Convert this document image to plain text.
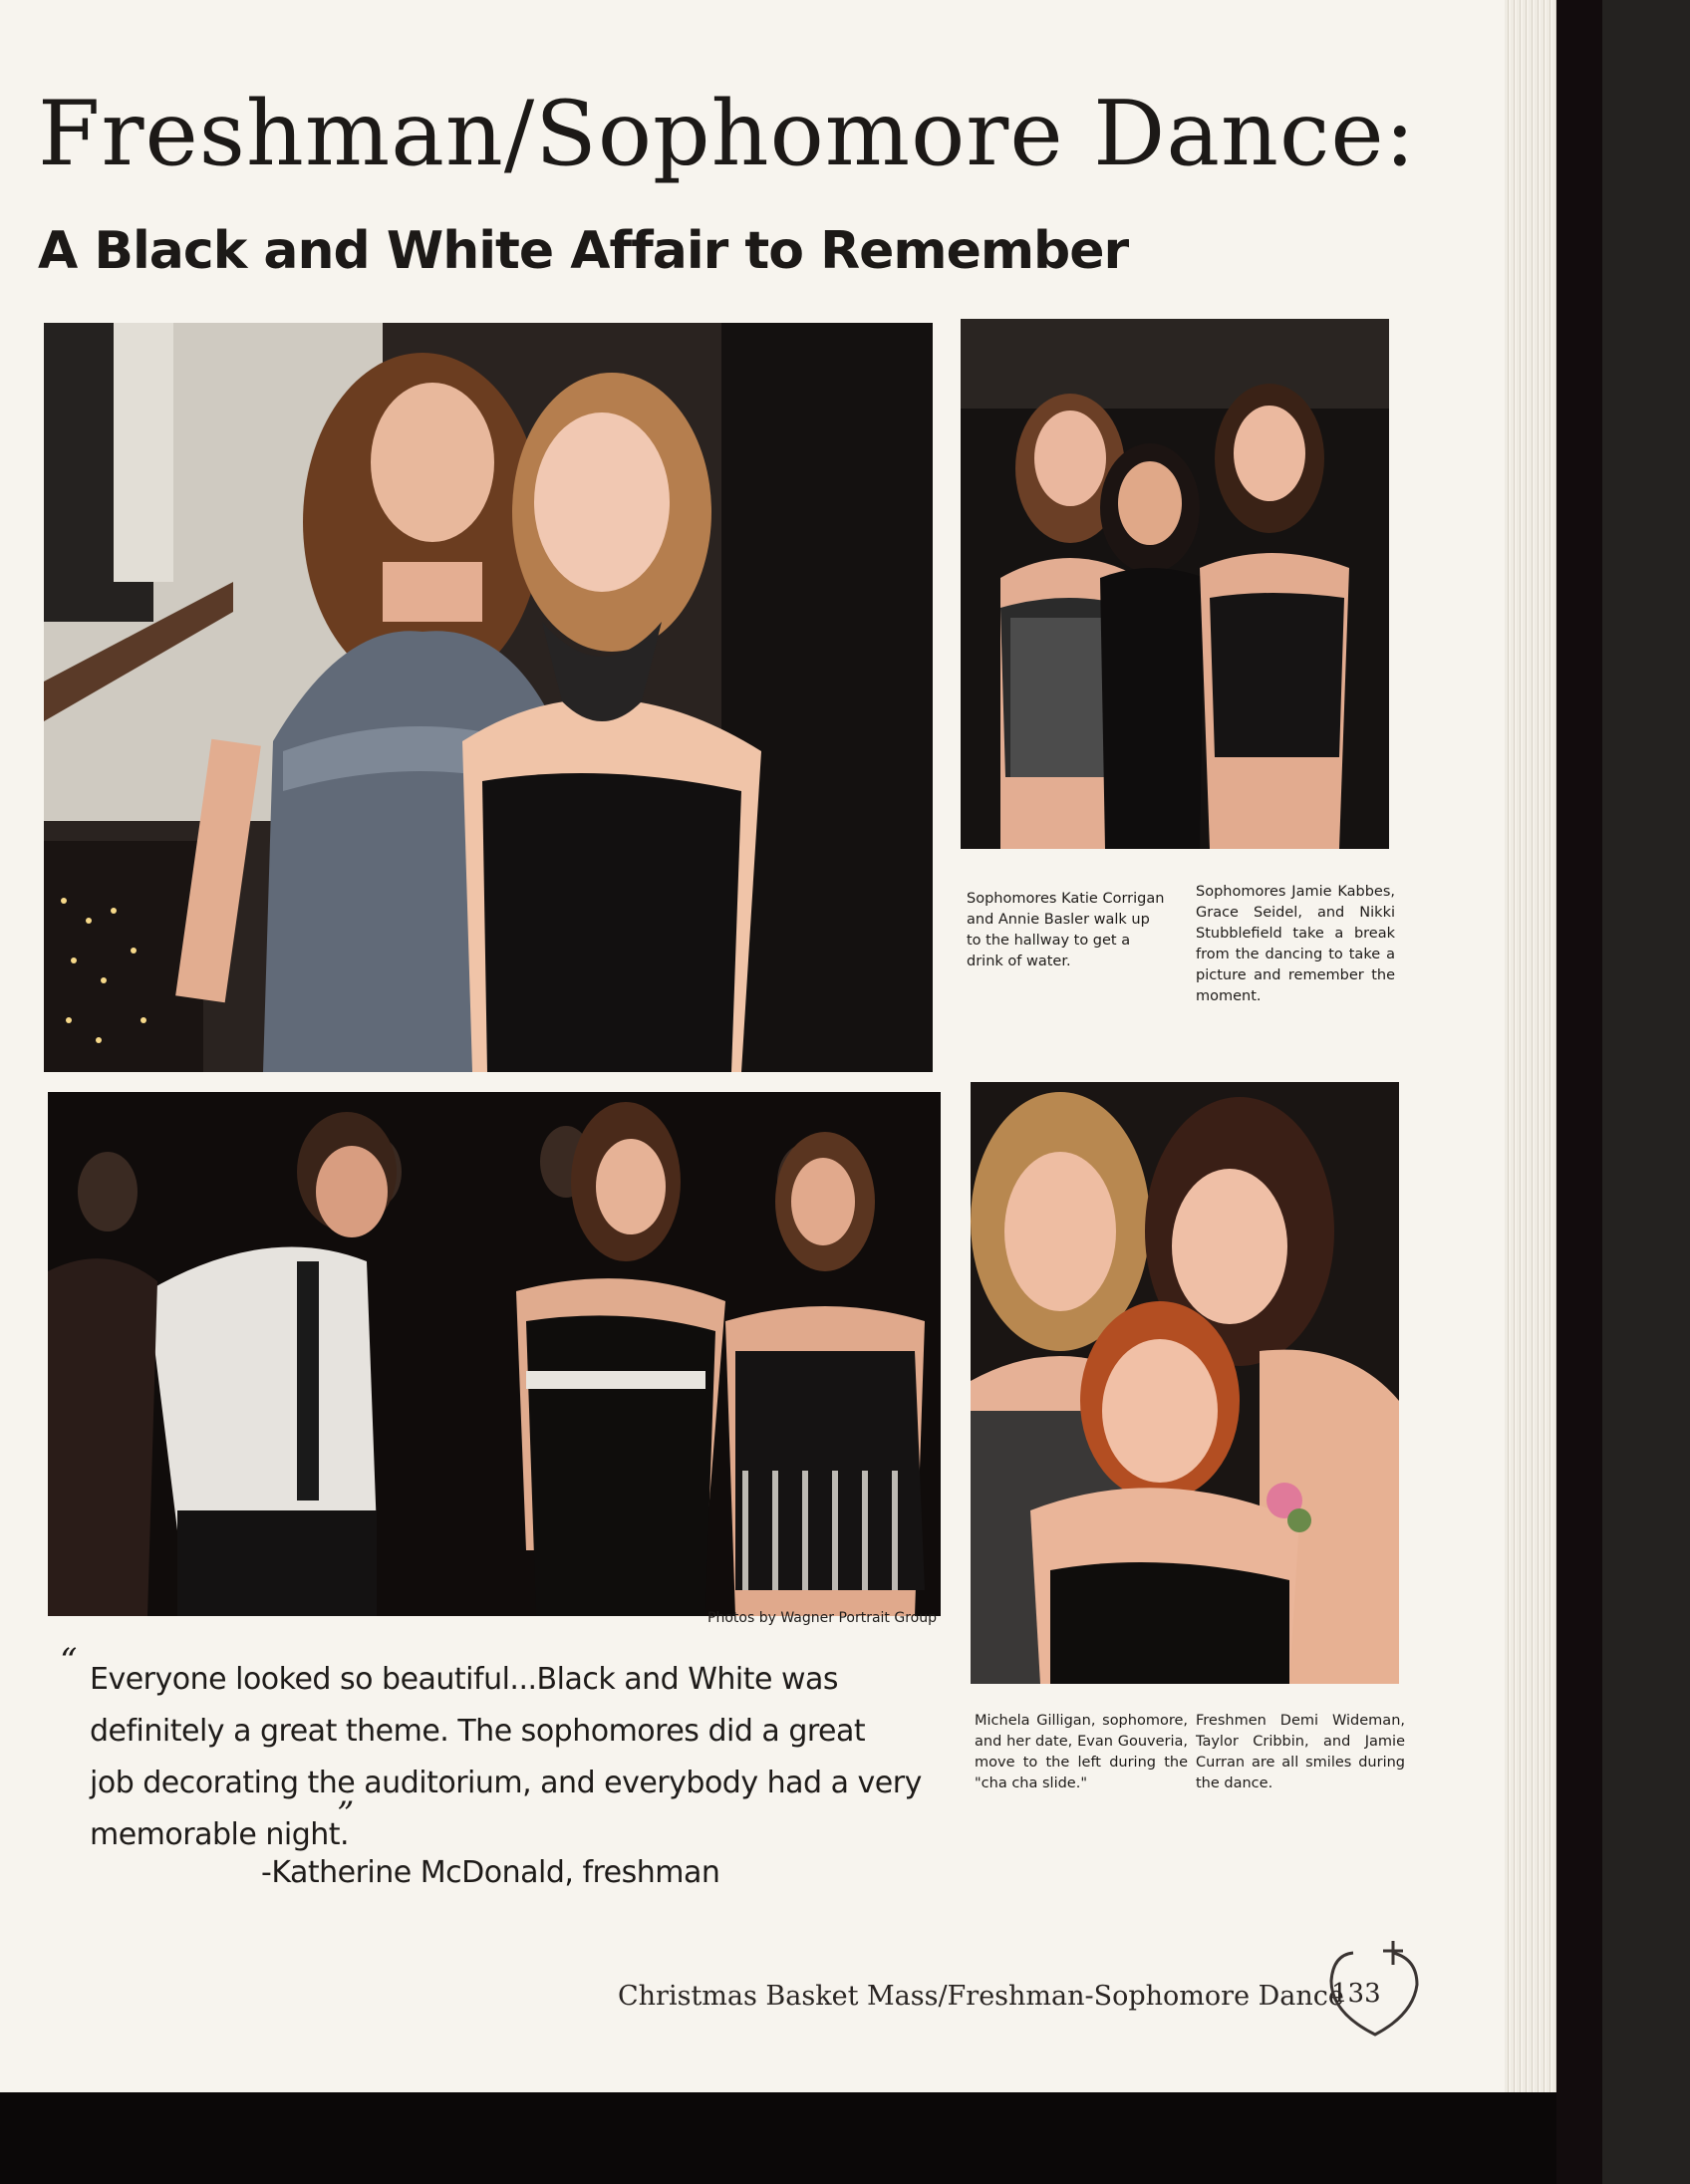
Freshman/Sophomore Dance:
A Black and White Affair to Remember

Sophomores Katie Corrigan and Annie Basler walk up to the hallway to get a drink of water.

Sophomores Jamie Kabbes, Grace Seidel, and Nikki Stubblefield take a break from the dancing to take a picture and remember the moment.

Michela Gilligan, sophomore, and her date, Evan Gouveria, move to the left during the "cha cha slide."

Freshmen Demi Wideman, Taylor Cribbin, and Jamie Curran are all smiles during the dance.

Photos by Wagner Portrait Group
“ Everyone looked so beautiful...Black and White was
definitely a great theme. The sophomores did a great
job decorating the auditorium, and everybody had a very
memorable night.
”
-Katherine McDonald, freshman
Christmas Basket Mass/Freshman-Sophomore Dance
133
